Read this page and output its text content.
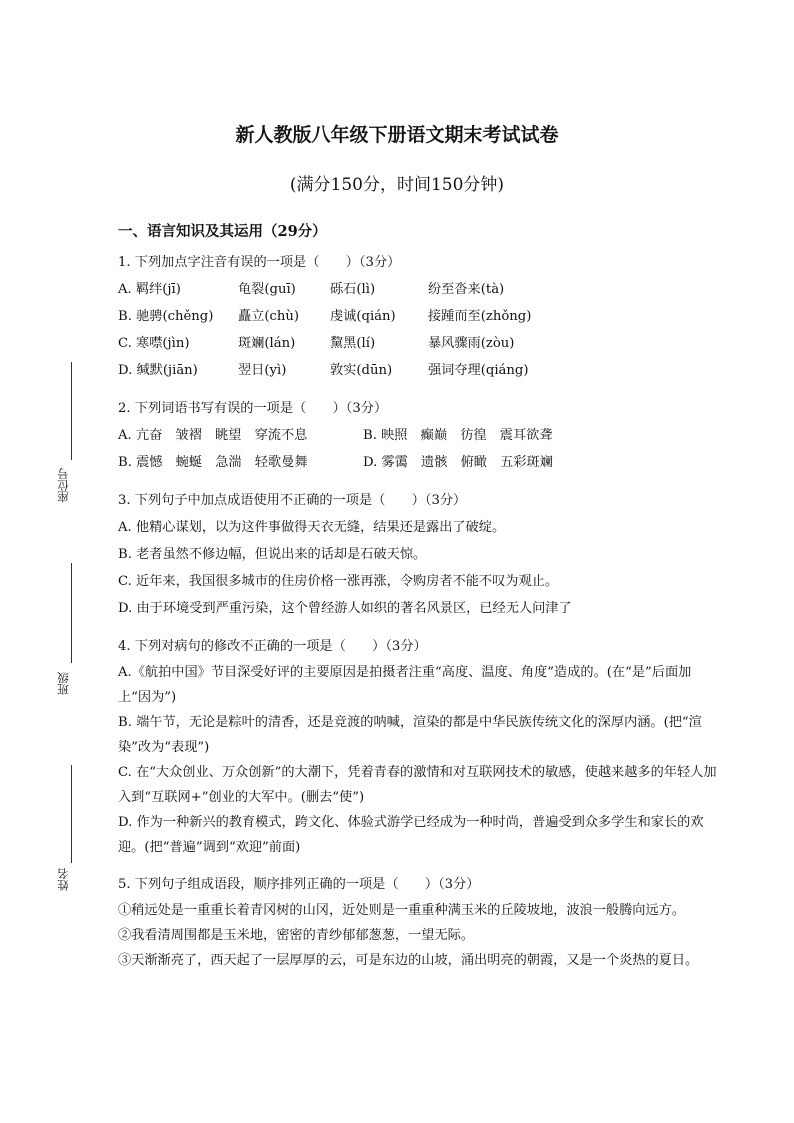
座位号
班级
姓名
新人教版八年级下册语文期末考试试卷
(满分150分，时间150分钟)
一、语言知识及其运用（29分）
1. 下列加点字注音有误的一项是（　　）（3分）
A. 羁绊(jī)	龟裂(guī)	砾石(lì)	纷至沓来(tà)
B. 驰骋(chěng)	矗立(chù)	虔诚(qián)	接踵而至(zhǒng)
C. 寒噤(jìn)	斑斓(lán)	黧黑(lí)	暴风骤雨(zòu)
D. 缄默(jiān)	翌日(yì)	敦实(dūn)	强词夺理(qiáng)
2. 下列词语书写有误的一项是（　　）（3分）
A. 亢奋　皱褶　眺望　穿流不息	B. 映照　癫巅　彷徨　震耳欲聋
B. 震憾　蜿蜒　急湍　轻歌曼舞	D. 雾霭　遗骸　俯瞰　五彩斑斓
3. 下列句子中加点成语使用不正确的一项是（　　）（3分）
A. 他精心谋划，以为这件事做得天衣无缝，结果还是露出了破绽。
B. 老者虽然不修边幅，但说出来的话却是石破天惊。
C. 近年来，我国很多城市的住房价格一涨再涨，令购房者不能不叹为观止。
D. 由于环境受到严重污染，这个曾经游人如织的著名风景区，已经无人问津了
4. 下列对病句的修改不正确的一项是（　　）（3分）
A.《航拍中国》节目深受好评的主要原因是拍摄者注重“高度、温度、角度”造成的。(在“是”后面加上“因为”)
B. 端午节，无论是粽叶的清香，还是竞渡的呐喊，渲染的都是中华民族传统文化的深厚内涵。(把“渲染”改为“表现”)
C. 在“大众创业、万众创新”的大潮下，凭着青春的激情和对互联网技术的敏感，使越来越多的年轻人加入到“互联网+”创业的大军中。(删去“使”)
D. 作为一种新兴的教育模式，跨文化、体验式游学已经成为一种时尚，普遍受到众多学生和家长的欢迎。(把“普遍”调到“欢迎”前面)
5. 下列句子组成语段，顺序排列正确的一项是（　　）（3分）
①稍远处是一重重长着青冈树的山冈，近处则是一重重种满玉米的丘陵坡地，波浪一般腾向远方。
②我看清周围都是玉米地，密密的青纱郁郁葱葱，一望无际。
③天渐渐亮了，西天起了一层厚厚的云，可是东边的山坡，涌出明亮的朝霞，又是一个炎热的夏日。
